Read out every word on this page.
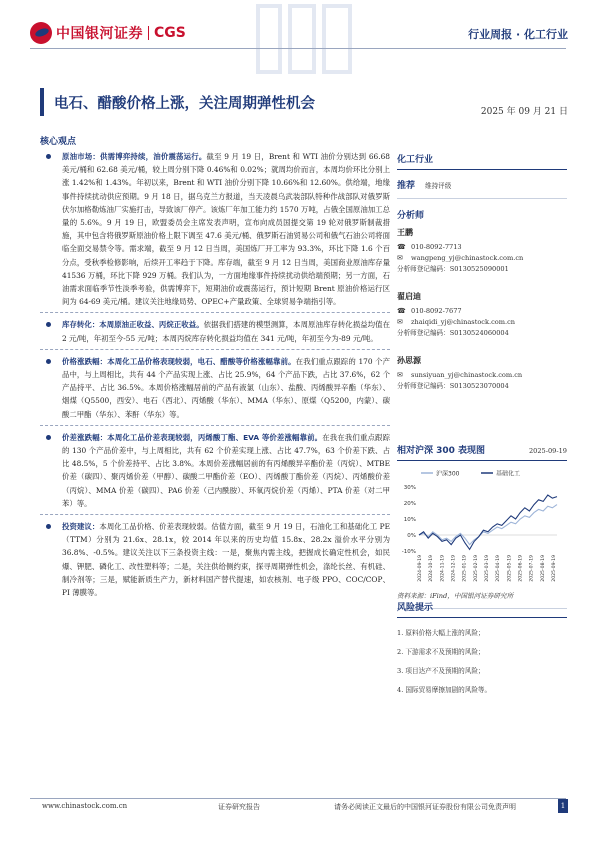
中国银河证券 CGS	行业周报 · 化工行业
电石、醋酸价格上涨，关注周期弹性机会	2025 年 09 月 21 日
核心观点
原油市场：供需博弈持续，油价震荡运行。截至 9 月 19 日，Brent 和 WTI 油价分别达到 66.68 美元/桶和 62.68 美元/桶，较上周分别下降 0.46%和 0.02%；就周均价而言，本周均价环比分别上涨 1.42%和 1.43%。年初以来，Brent 和 WTI 油价分别下降 10.66%和 12.60%。供给端，地缘事件持续扰动供应预期。9 月 18 日，据乌克兰方报道，当天凌晨乌武装部队特种作战部队对俄罗斯伏尔加格勒炼油厂实施打击，导致该厂停产。该炼厂年加工能力约 1570 万吨，占俄全国原油加工总量的 5.6%。9 月 19 日，欧盟委员会主席发表声明，宣布向成员国提交第 19 轮对俄罗斯制裁措施，其中包含将俄罗斯原油价格上限下调至 47.6 美元/桶、俄罗斯石油贸易公司和俄气石油公司将面临全面交易禁令等。需求端，截至 9 月 12 日当周，美国炼厂开工率为 93.3%，环比下降 1.6 个百分点，受秋季检修影响，后续开工率趋于下降。库存端，截至 9 月 12 日当周，美国商业原油库存量 41536 万桶，环比下降 929 万桶。我们认为，一方面地缘事件持续扰动供给端预期；另一方面，石油需求面临季节性淡季考验，供需博弈下，短期油价或震荡运行，预计短期 Brent 原油价格运行区间为 64-69 美元/桶。建议关注地缘局势、OPEC+产量政策、全球贸易争端指引等。
库存转化：本周原油正收益、丙烷正收益。依据我们搭建的模型测算，本周原油库存转化损益均值在 2 元/吨，年初至今-55 元/吨；本周丙烷库存转化损益均值在 341 元/吨，年初至今为-89 元/吨。
价格涨跌幅：本周化工品价格表现较弱，电石、醋酸等价格涨幅靠前。在我们重点跟踪的 170 个产品中，与上周相比，共有 44 个产品实现上涨、占比 25.9%，64 个产品下跌，占比 37.6%，62 个产品持平、占比 36.5%。本周价格涨幅居前的产品有液氯（山东）、盐酸、丙烯酸异辛酯（华东）、烟煤（Q5500，西安）、电石（西北）、丙烯酸（华东）、MMA（华东）、原煤（Q5200，内蒙）、碳酸二甲酯（华东）、苯酐（华东）等。
价差涨跌幅：本周化工品价差表现较弱，丙烯酸丁酯、EVA 等价差涨幅靠前。在我在我们重点跟踪的 130 个产品价差中，与上周相比，共有 62 个价差实现上涨、占比 47.7%，63 个价差下跌、占比 48.5%，5 个价差持平、占比 3.8%。本周价差涨幅居前的有丙烯酸异辛酯价差（丙烷）、MTBE 价差（碳四）、聚丙烯价差（甲醇）、碳酸二甲酯价差（EO）、丙烯酸丁酯价差（丙烷）、丙烯酸价差（丙烷）、MMA 价差（碳四）、PA6 价差（己内酰胺）、环氧丙烷价差（丙烯）、PTA 价差（对二甲苯）等。
投资建议：本周化工品价格、价差表现较弱。估值方面，截至 9 月 19 日，石油化工和基础化工 PE（TTM）分别为 21.6x、28.1x，较 2014 年以来的历史均值 15.8x、28.2x 溢价水平分别为 36.8%、-0.5%。建议关注以下三条投资主线：一是，聚焦内需主线，把握成长确定性机会，如民爆、钾肥、磷化工、改性塑料等；二是，关注供给侧约束，探寻周期弹性机会，涤纶长丝、有机硅、制冷剂等；三是，赋能新质生产力，新材料国产替代提速，如农核剂、电子级 PPO、COC/COP、PI 薄膜等。
化工行业
推荐	维持评级
分析师
王鹏
☎ 010-8092-7713
✉ wangpeng_yj@chinastock.com.cn
分析师登记编码：S0130525090001
翟启迪
☎ 010-8092-7677
✉ zhaiqidi_yj@chinastock.com.cn
分析师登记编码：S0130524060004
孙思源
✉ sunsiyuan_yj@chinastock.com.cn
分析师登记编码：S0130523070004
相对沪深 300 表现图	2025-09-19
沪深300	基础化工
30%
20%
10%
0%
-10%
2024-09-19 2024-10-19 2024-11-19 2024-12-19 2025-01-19 2025-02-19 2025-03-19 2025-04-19 2025-05-19 2025-06-19 2025-07-19 2025-08-19 2025-09-19
资料来源：iFind，中国银河证券研究所
风险提示
1. 原料价格大幅上涨的风险；
2. 下游需求不及预期的风险；
3. 项目达产不及预期的风险；
4. 国际贸易摩擦加剧的风险等。
www.chinastock.com.cn	证券研究报告	请务必阅读正文最后的中国银河证券股份有限公司免责声明	1
